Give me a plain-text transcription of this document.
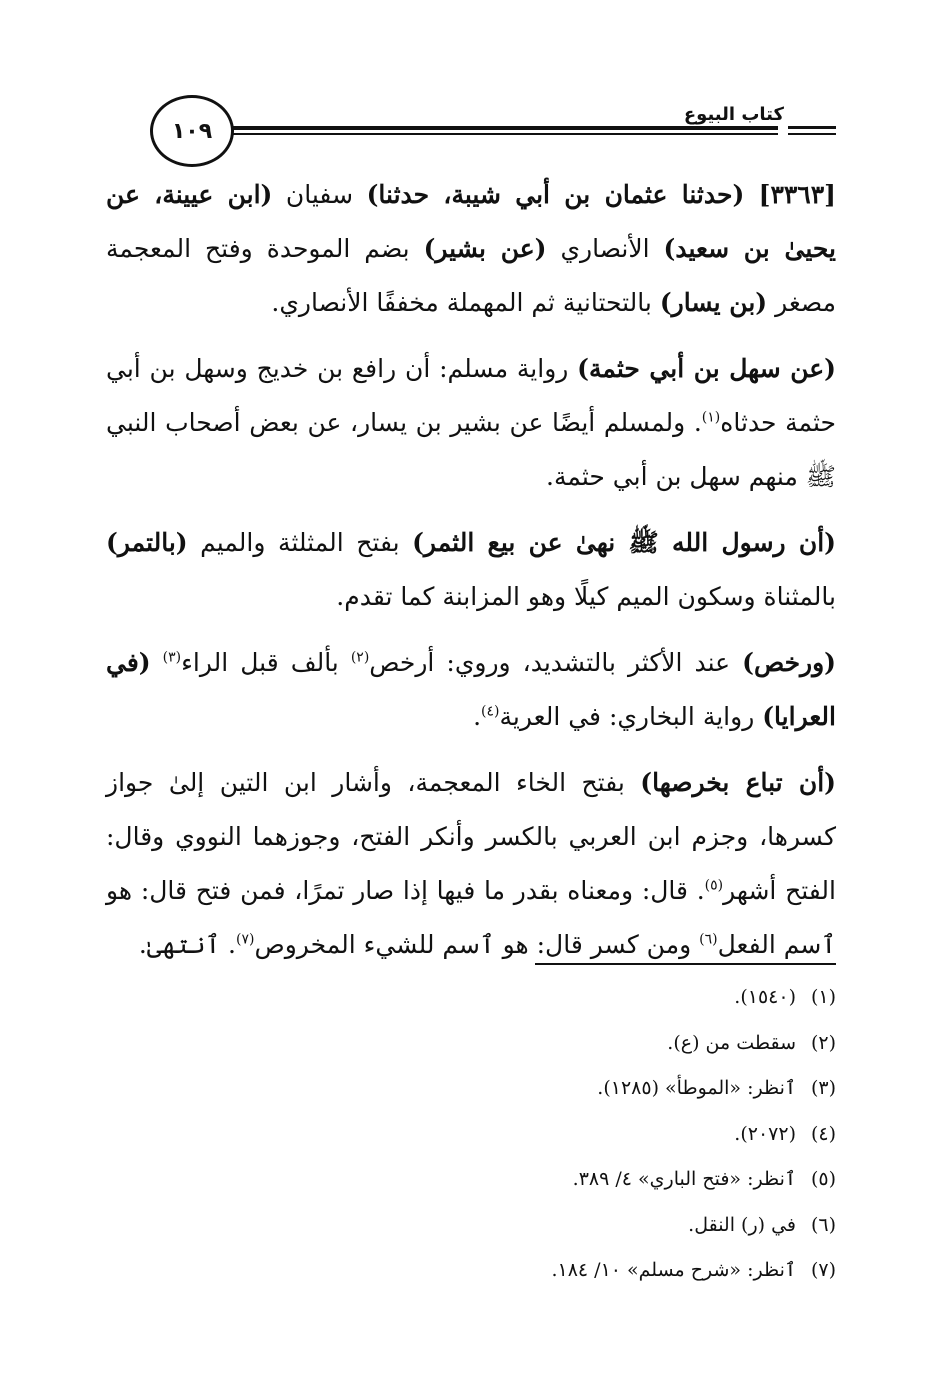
كتاب البيوع
١٠٩

[٣٣٦٣] (حدثنا عثمان بن أبي شيبة، حدثنا) سفيان (ابن عيينة، عن يحيىٰ بن سعيد) الأنصاري (عن بشير) بضم الموحدة وفتح المعجمة مصغر (بن يسار) بالتحتانية ثم المهملة مخففًا الأنصاري.

(عن سهل بن أبي حثمة) رواية مسلم: أن رافع بن خديج وسهل بن أبي حثمة حدثاه$^{(١)}$. ولمسلم أيضًا عن بشير بن يسار، عن بعض أصحاب النبي ﷺ منهم سهل بن أبي حثمة.

(أن رسول الله ﷺ نهىٰ عن بيع الثمر) بفتح المثلثة والميم (بالتمر) بالمثناة وسكون الميم كيلًا وهو المزابنة كما تقدم.

(ورخص) عند الأكثر بالتشديد، وروي: أرخص$^{(٢)}$ بألف قبل الراء$^{(٣)}$ (في العرايا) رواية البخاري: في العرية$^{(٤)}$.

(أن تباع بخرصها) بفتح الخاء المعجمة، وأشار ابن التين إلىٰ جواز كسرها، وجزم ابن العربي بالكسر وأنكر الفتح، وجوزهما النووي وقال: الفتح أشهر$^{(٥)}$. قال: ومعناه بقدر ما فيها إذا صار تمرًا، فمن فتح قال: هو ٱسم الفعل$^{(٦)}$ ومن كسر قال: هو ٱسم للشيء المخروص$^{(٧)}$. ٱنتهىٰ.

(١)(١٥٤٠).
(٢)سقطت من (ع).
(٣)ٱنظر: «الموطأ» (١٢٨٥).
(٤)(٢٠٧٢).
(٥)ٱنظر: «فتح الباري» ٤/ ٣٨٩.
(٦)في (ر) النقل.
(٧)ٱنظر: «شرح مسلم» ١٠/ ١٨٤.
